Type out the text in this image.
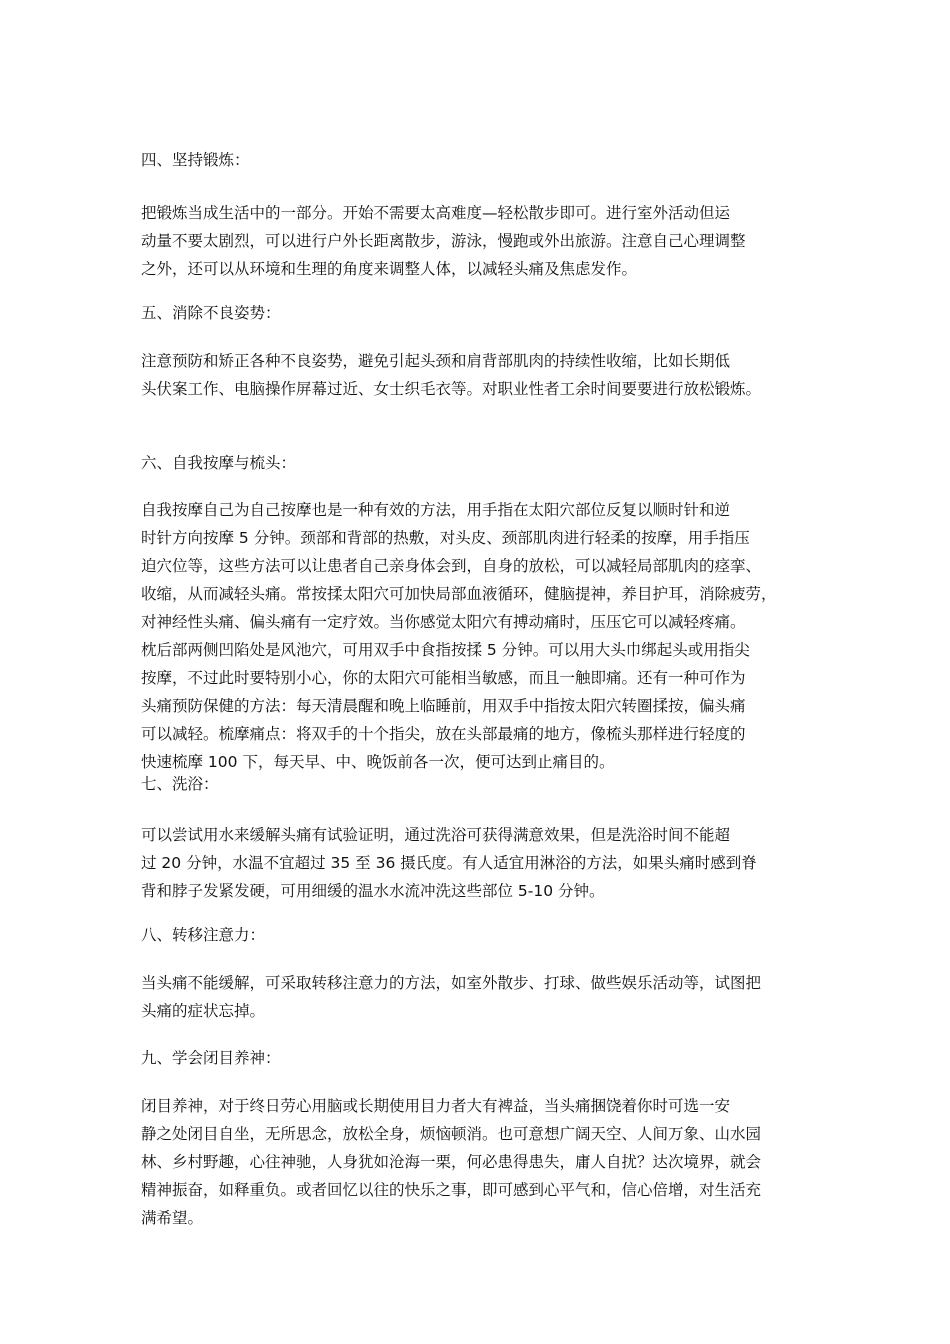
四、坚持锻炼：
把锻炼当成生活中的一部分。开始不需要太高难度—轻松散步即可。进行室外活动但运
动量不要太剧烈，可以进行户外长距离散步，游泳，慢跑或外出旅游。注意自己心理调整
之外，还可以从环境和生理的角度来调整人体，以减轻头痛及焦虑发作。
五、消除不良姿势：
注意预防和矫正各种不良姿势，避免引起头颈和肩背部肌肉的持续性收缩，比如长期低
头伏案工作、电脑操作屏幕过近、女士织毛衣等。对职业性者工余时间要要进行放松锻炼。
六、自我按摩与梳头：
自我按摩自己为自己按摩也是一种有效的方法，用手指在太阳穴部位反复以顺时针和逆
时针方向按摩 5 分钟。颈部和背部的热敷，对头皮、颈部肌肉进行轻柔的按摩，用手指压
迫穴位等，这些方法可以让患者自己亲身体会到，自身的放松，可以减轻局部肌肉的痉挛、
收缩，从而减轻头痛。常按揉太阳穴可加快局部血液循环，健脑提神，养目护耳，消除疲劳，
对神经性头痛、偏头痛有一定疗效。当你感觉太阳穴有搏动痛时，压压它可以减轻疼痛。
枕后部两侧凹陷处是风池穴，可用双手中食指按揉 5 分钟。可以用大头巾绑起头或用指尖
按摩，不过此时要特别小心，你的太阳穴可能相当敏感，而且一触即痛。还有一种可作为
头痛预防保健的方法：每天清晨醒和晚上临睡前，用双手中指按太阳穴转圈揉按，偏头痛
可以减轻。梳摩痛点：将双手的十个指尖，放在头部最痛的地方，像梳头那样进行轻度的
快速梳摩 100 下，每天早、中、晚饭前各一次，便可达到止痛目的。
七、洗浴：
可以尝试用水来缓解头痛有试验证明，通过洗浴可获得满意效果，但是洗浴时间不能超
过 20 分钟，水温不宜超过 35 至 36 摄氏度。有人适宜用淋浴的方法，如果头痛时感到脊
背和脖子发紧发硬，可用细缓的温水水流冲洗这些部位 5-10 分钟。
八、转移注意力：
当头痛不能缓解，可采取转移注意力的方法，如室外散步、打球、做些娱乐活动等，试图把
头痛的症状忘掉。
九、学会闭目养神：
闭目养神，对于终日劳心用脑或长期使用目力者大有裨益，当头痛捆饶着你时可选一安
静之处闭目自坐，无所思念，放松全身，烦恼顿消。也可意想广阔天空、人间万象、山水园
林、乡村野趣，心往神驰，人身犹如沧海一栗，何必患得患失，庸人自扰？达次境界，就会
精神振奋，如释重负。或者回忆以往的快乐之事，即可感到心平气和，信心倍增，对生活充
满希望。
